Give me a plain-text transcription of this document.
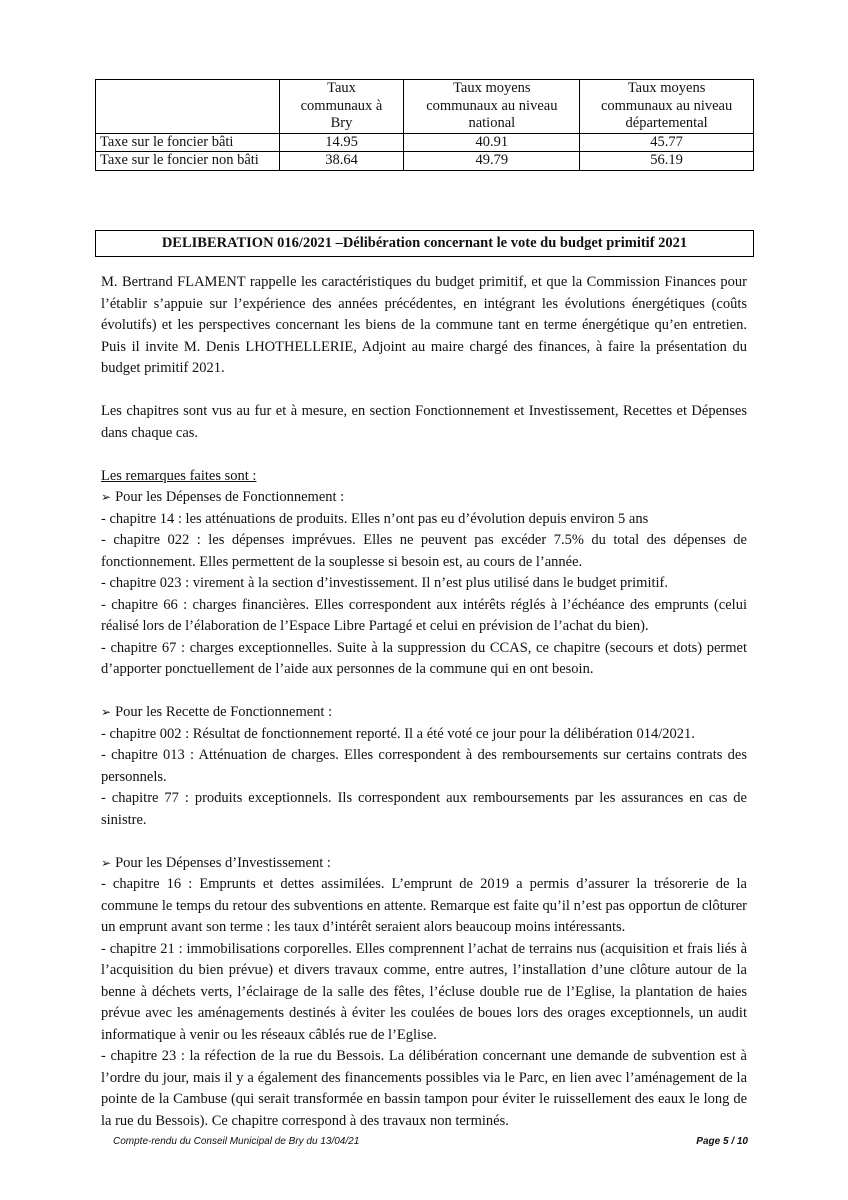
	Taux communaux à Bry	Taux moyens communaux au niveau national	Taux moyens communaux au niveau départemental
Taxe sur le foncier bâti	14.95	40.91	45.77
Taxe sur le foncier non bâti	38.64	49.79	56.19
DELIBERATION 016/2021 –Délibération concernant le vote du budget primitif 2021

M. Bertrand FLAMENT rappelle les caractéristiques du budget primitif, et que la Commission Finances pour l’établir s’appuie sur l’expérience des années précédentes, en intégrant les évolutions énergétiques (coûts évolutifs) et les perspectives concernant les biens de la commune tant en terme énergétique qu’en entretien. Puis il invite M. Denis LHOTHELLERIE, Adjoint au maire chargé des finances, à faire la présentation du budget primitif 2021.

Les chapitres sont vus au fur et à mesure, en section Fonctionnement et Investissement, Recettes et Dépenses dans chaque cas.

Les remarques faites sont :

➢ Pour les Dépenses de Fonctionnement :

- chapitre 14 : les atténuations de produits. Elles n’ont pas eu d’évolution depuis environ 5 ans

- chapitre 022 : les dépenses imprévues. Elles ne peuvent pas excéder 7.5% du total des dépenses de fonctionnement. Elles permettent de la souplesse si besoin est, au cours de l’année.

- chapitre 023 : virement à la section d’investissement. Il n’est plus utilisé dans le budget primitif.

- chapitre 66 : charges financières. Elles correspondent aux intérêts réglés à l’échéance des emprunts (celui réalisé lors de l’élaboration de l’Espace Libre Partagé et celui en prévision de l’achat du bien).

- chapitre 67 : charges exceptionnelles. Suite à la suppression du CCAS, ce chapitre (secours et dots) permet d’apporter ponctuellement de l’aide aux personnes de la commune qui en ont besoin.

➢ Pour les Recette de Fonctionnement :

- chapitre 002 : Résultat de fonctionnement reporté. Il a été voté ce jour pour la délibération 014/2021.

- chapitre 013 : Atténuation de charges. Elles correspondent à des remboursements sur certains contrats des personnels.

- chapitre 77 : produits exceptionnels. Ils correspondent aux remboursements par les assurances en cas de sinistre.

➢ Pour les Dépenses d’Investissement :

- chapitre 16 : Emprunts et dettes assimilées. L’emprunt de 2019 a permis d’assurer la trésorerie de la commune le temps du retour des subventions en attente. Remarque est faite qu’il n’est pas opportun de clôturer un emprunt avant son terme : les taux d’intérêt seraient alors beaucoup moins intéressants.

- chapitre 21 : immobilisations corporelles. Elles comprennent l’achat de terrains nus (acquisition et frais liés à l’acquisition du bien prévue) et divers travaux comme, entre autres, l’installation d’une clôture autour de la benne à déchets verts, l’éclairage de la salle des fêtes, l’écluse double rue de l’Eglise, la plantation de haies prévue avec les aménagements destinés à éviter les coulées de boues lors des orages exceptionnels, un audit informatique à venir ou les réseaux câblés rue de l’Eglise.

- chapitre 23 : la réfection de la rue du Bessois. La délibération concernant une demande de subvention est à l’ordre du jour, mais il y a également des financements possibles via le Parc, en lien avec l’aménagement de la pointe de la Cambuse (qui serait transformée en bassin tampon pour éviter le ruissellement des eaux le long de la rue du Bessois). Ce chapitre correspond à des travaux non terminés.

Compte-rendu du Conseil Municipal de Bry du 13/04/21	Page 5 / 10
